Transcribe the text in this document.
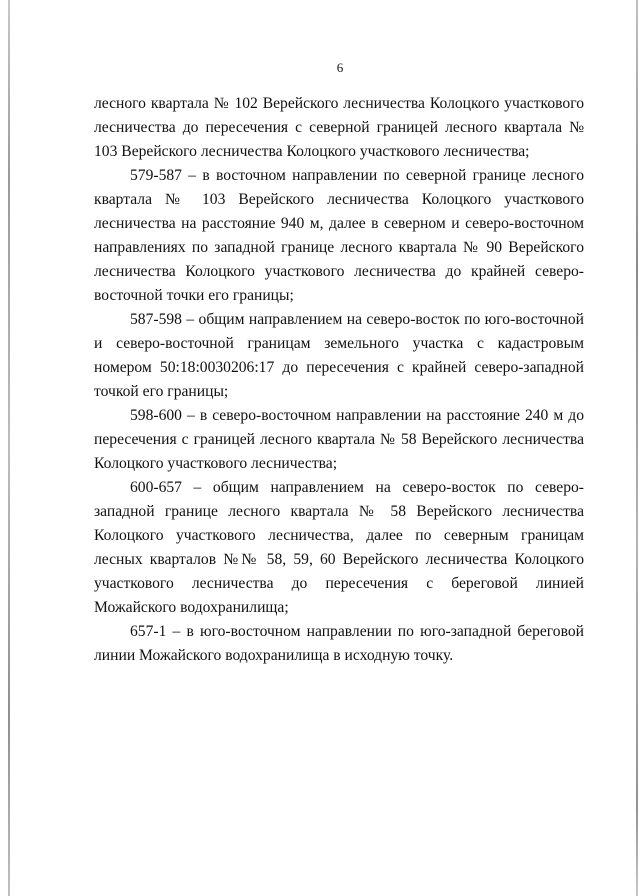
6

лесного квартала № 102 Верейского лесничества Колоцкого участкового лесничества до пересечения с северной границей лесного квартала № 103 Верейского лесничества Колоцкого участкового лесничества;

579-587 – в восточном направлении по северной границе лесного квартала № 103 Верейского лесничества Колоцкого участкового лесничества на расстояние 940 м, далее в северном и северо-восточном направлениях по западной границе лесного квартала № 90 Верейского лесничества Колоцкого участкового лесничества до крайней северо-восточной точки его границы;

587-598 – общим направлением на северо-восток по юго-восточной и северо-восточной границам земельного участка с кадастровым номером 50:18:0030206:17 до пересечения с крайней северо-западной точкой его границы;

598-600 – в северо-восточном направлении на расстояние 240 м до пересечения с границей лесного квартала № 58 Верейского лесничества Колоцкого участкового лесничества;

600-657 – общим направлением на северо-восток по северо-западной границе лесного квартала № 58 Верейского лесничества Колоцкого участкового лесничества, далее по северным границам лесных кварталов №№ 58, 59, 60 Верейского лесничества Колоцкого участкового лесничества до пересечения с береговой линией Можайского водохранилища;

657-1 – в юго-восточном направлении по юго-западной береговой линии Можайского водохранилища в исходную точку.
